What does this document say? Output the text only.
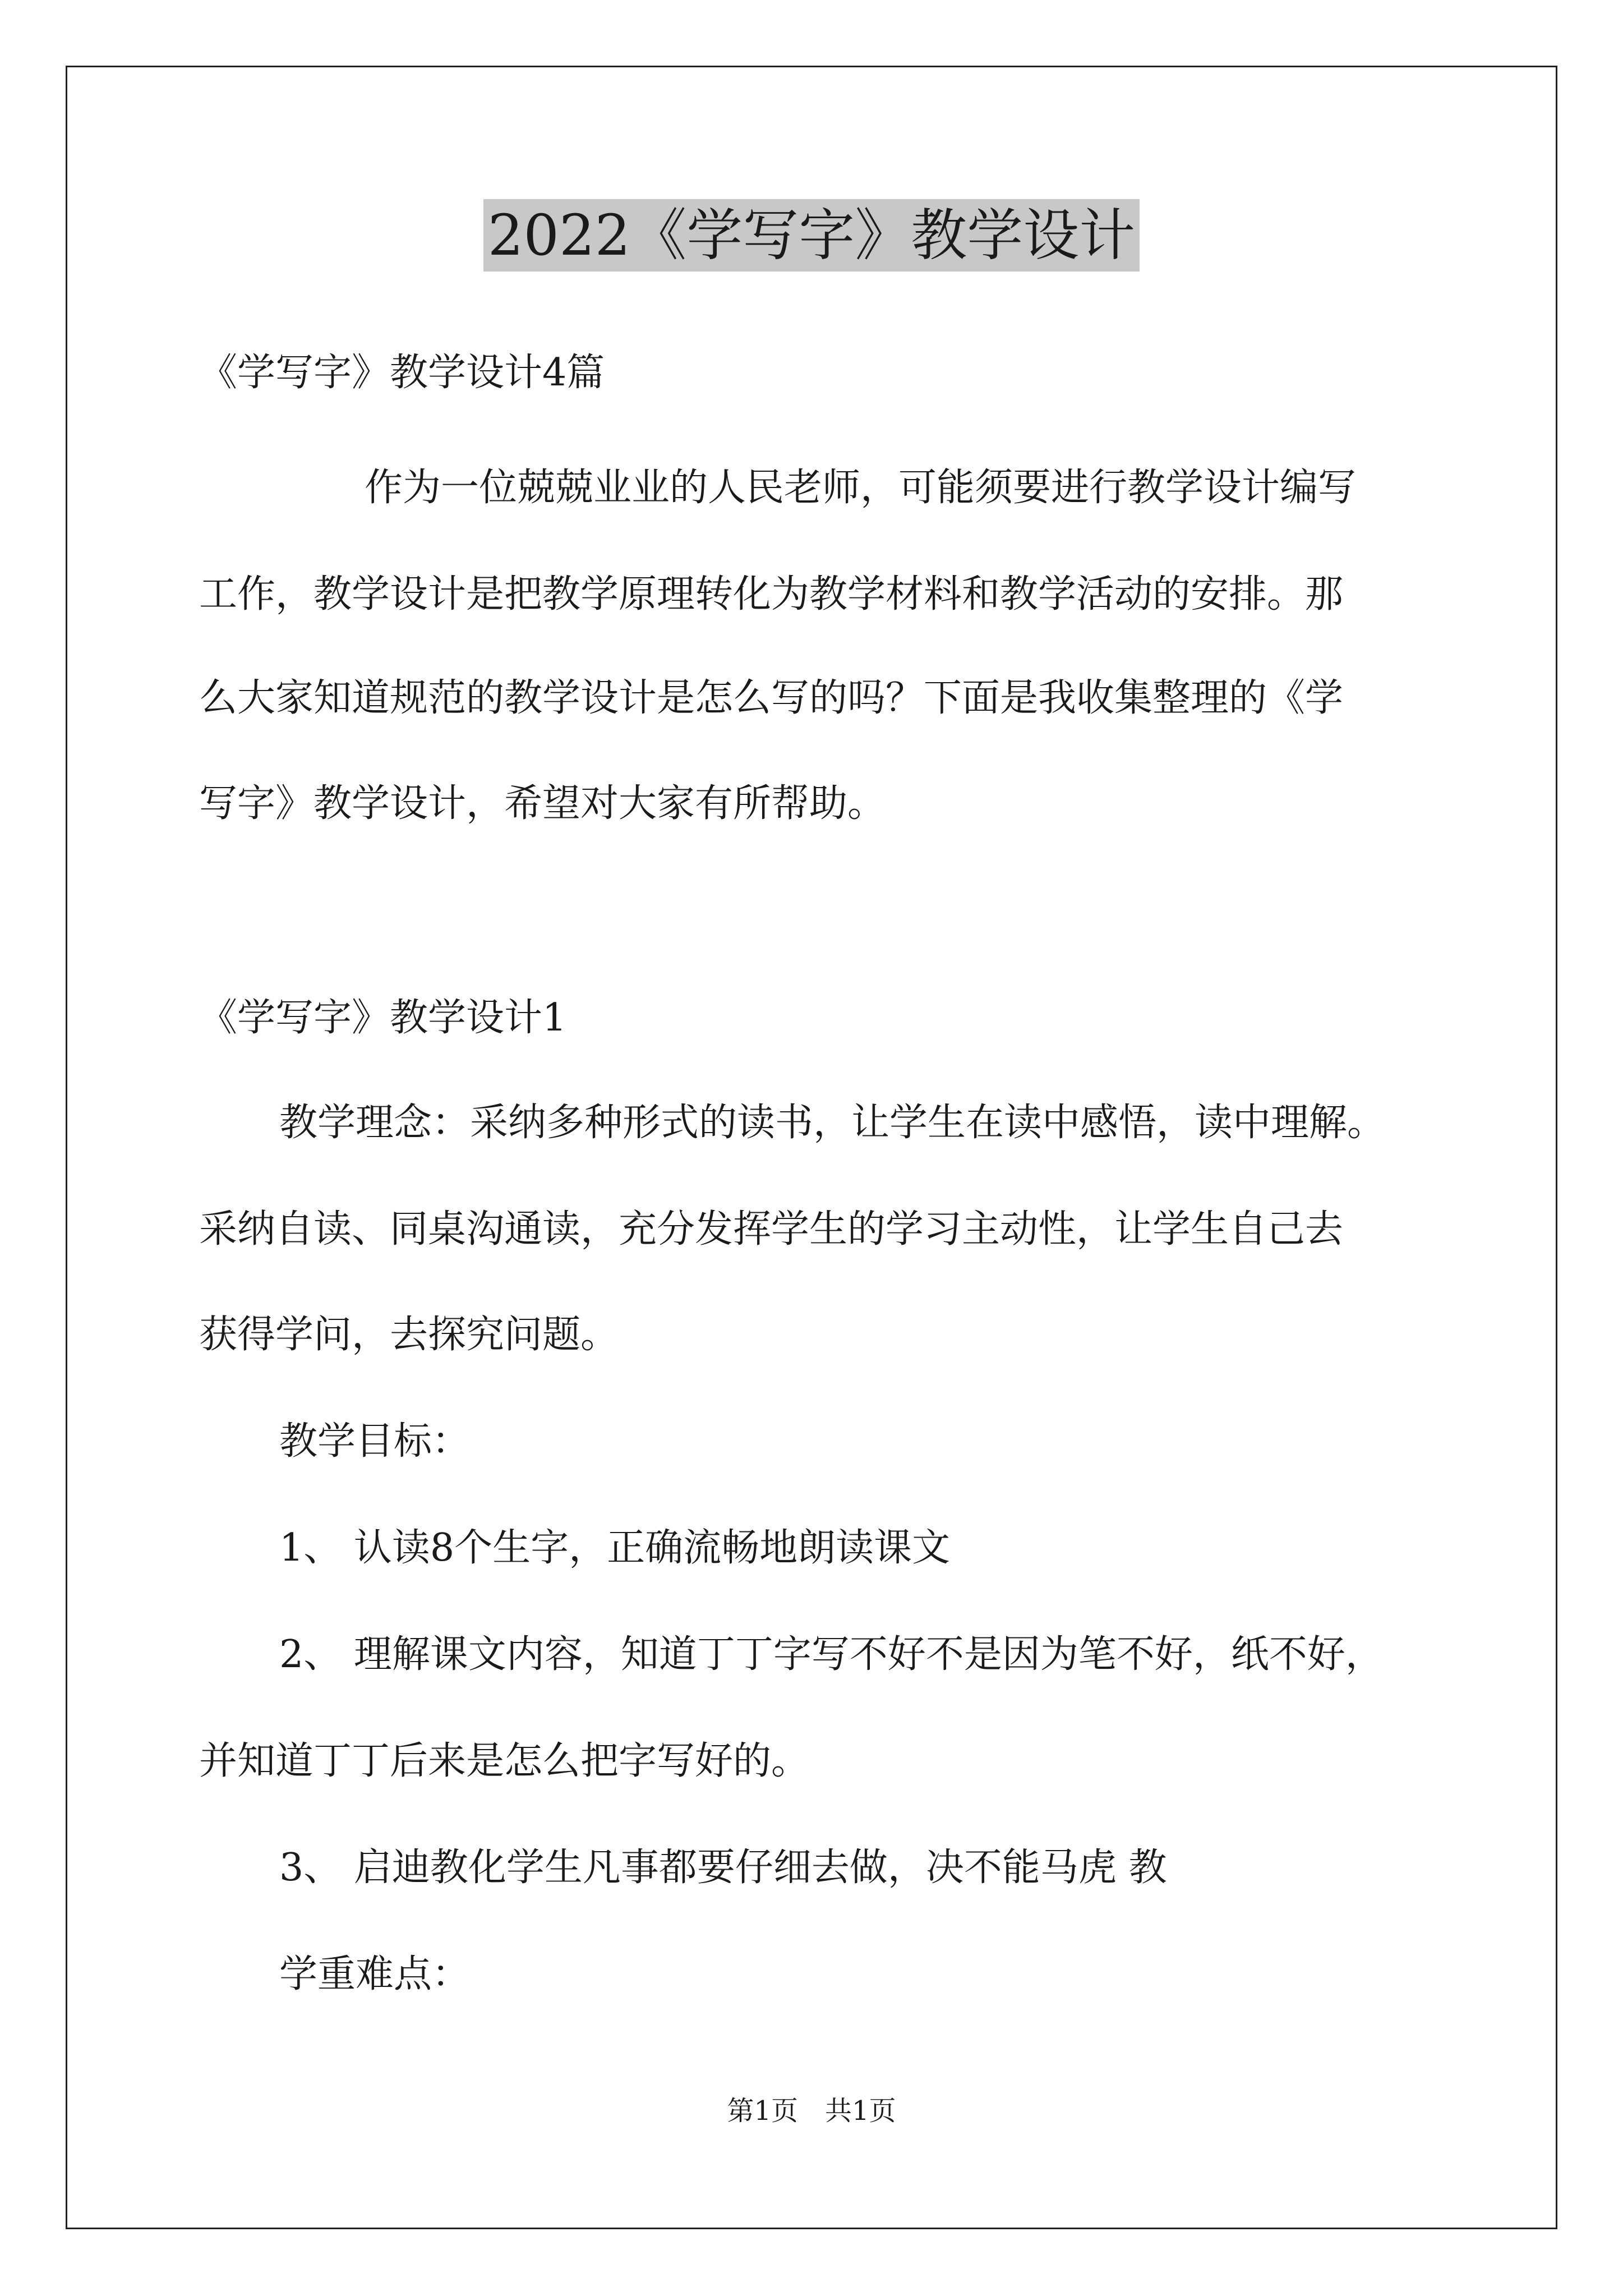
2022《学写字》教学设计

《学写字》教学设计4篇

作为一位兢兢业业的人民老师，可能须要进行教学设计编写

工作，教学设计是把教学原理转化为教学材料和教学活动的安排。那

么大家知道规范的教学设计是怎么写的吗？下面是我收集整理的《学

写字》教学设计，希望对大家有所帮助。

《学写字》教学设计1

教学理念：采纳多种形式的读书，让学生在读中感悟，读中理解。

采纳自读、同桌沟通读，充分发挥学生的学习主动性，让学生自己去

获得学问，去探究问题。

教学目标：

1、 认读8个生字，正确流畅地朗读课文

2、 理解课文内容，知道丁丁字写不好不是因为笔不好，纸不好，

并知道丁丁后来是怎么把字写好的。

3、 启迪教化学生凡事都要仔细去做，决不能马虎 教

学重难点：

第1页　共1页
